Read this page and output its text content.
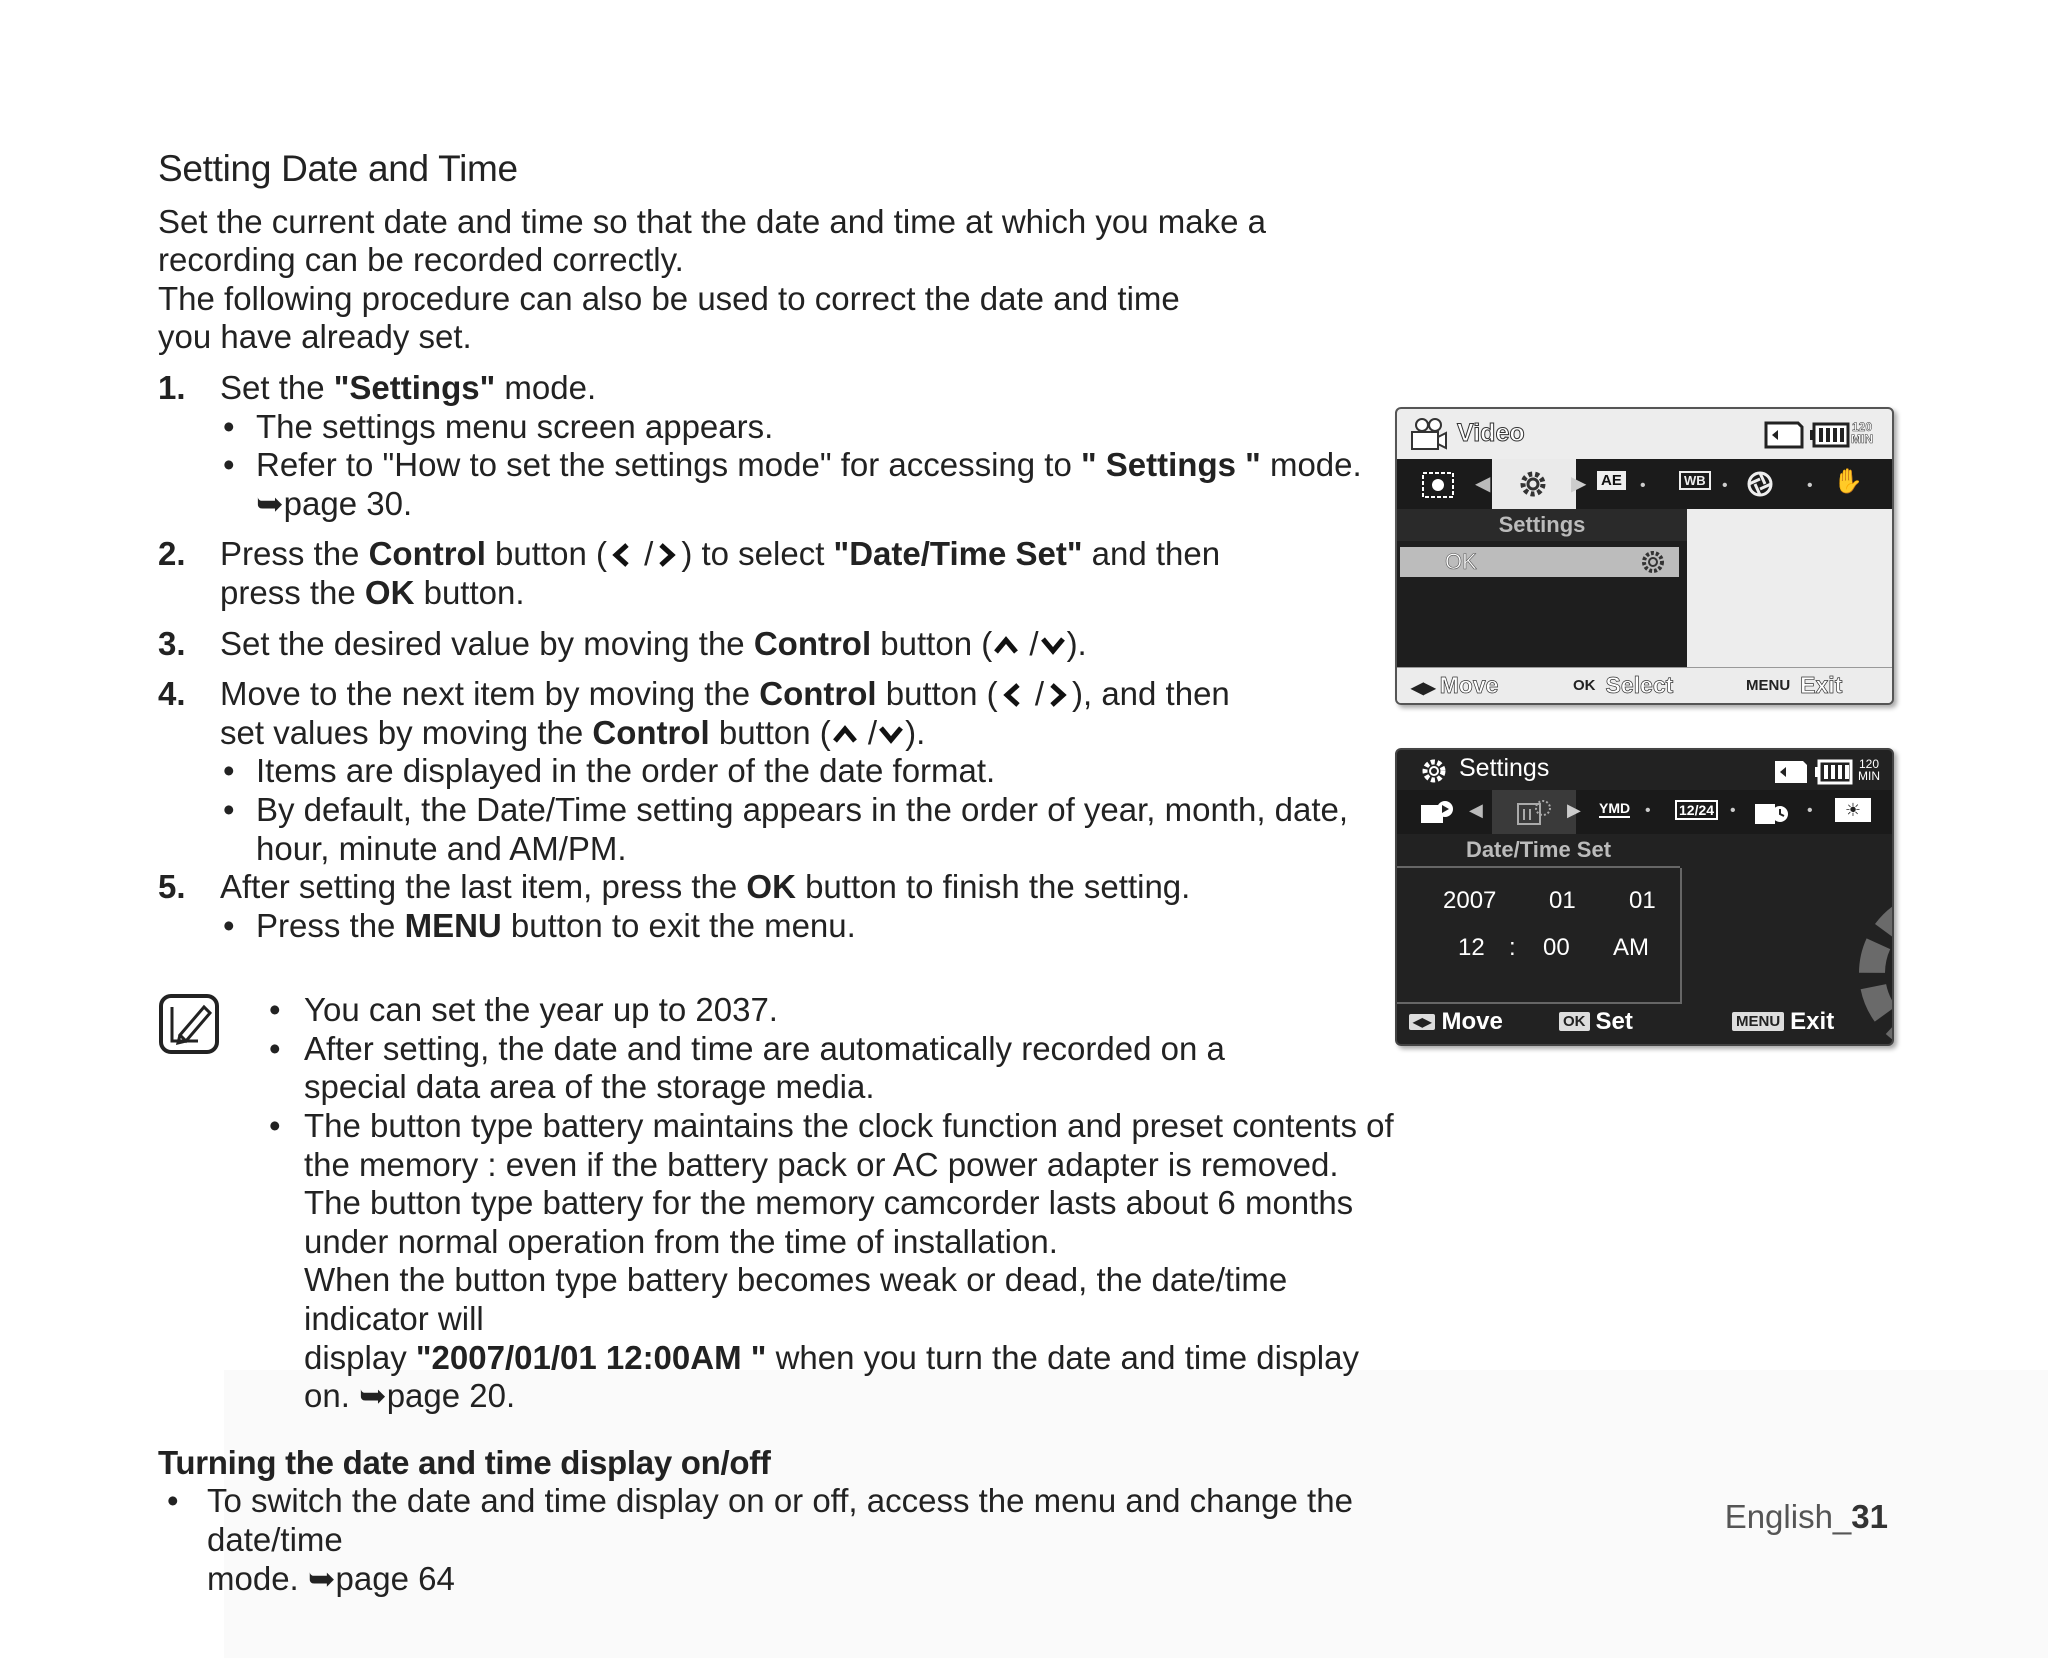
Setting Date and Time

Set the current date and time so that the date and time at which you make a

recording can be recorded correctly.

The following procedure can also be used to correct the date and time

you have already set.

1. Set the "Settings" mode.

• The settings menu screen appears.
• Refer to "How to set the settings mode" for accessing to " Settings " mode.
➥page 30.
2. Press the Control button ( / ) to select "Date/Time Set" and then
press the OK button.

3. Set the desired value by moving the Control button ( / ).

4. Move to the next item by moving the Control button ( / ), and then
set values by moving the Control button ( / ).

• Items are displayed in the order of the date format.
• By default, the Date/Time setting appears in the order of year, month, date,
hour, minute and AM/PM.
5. After setting the last item, press the OK button to finish the setting.

• Press the MENU button to exit the menu.
• You can set the year up to 2037.
• After setting, the date and time are automatically recorded on a
special data area of the storage media.
• The button type battery maintains the clock function and preset contents of
the memory : even if the battery pack or AC power adapter is removed.
The button type battery for the memory camcorder lasts about 6 months
under normal operation from the time of installation.
When the button type battery becomes weak or dead, the date/time indicator will
display "2007/01/01 12:00AM " when you turn the date and time display on. ➥page 20.
Turning the date and time display on/off
• To switch the date and time display on or off, access the menu and change the date/time
mode. ➥page 64
English_31
Video	120
MIN
◀	▶ AE •	WB	•	• ✋
Settings
OK
◀▶ Move	OK Select	MENU Exit
Settings	120
MIN
◀	▶ YMD • 12/24 •	•	☀
Date/Time Set
2007 01 01
12 : 00 AM
◀▶ Move	OK Set	MENU Exit
